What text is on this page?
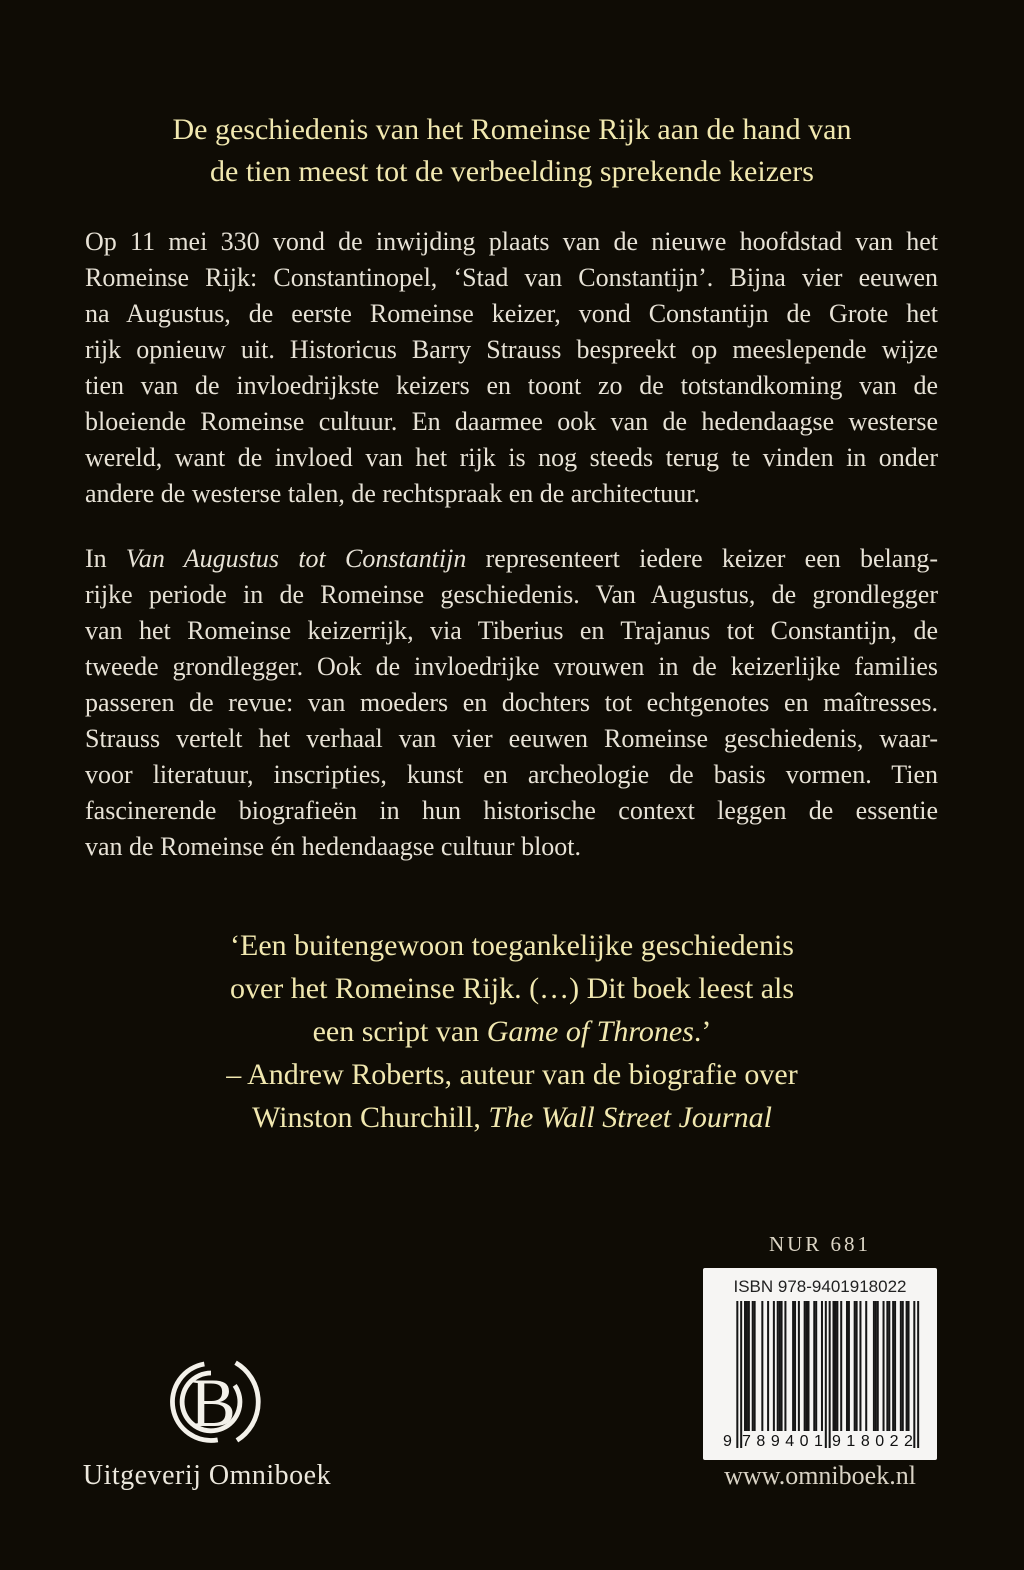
De geschiedenis van het Romeinse Rijk aan de hand van
de tien meest tot de verbeelding sprekende keizers
Op 11 mei 330 vond de inwijding plaats van de nieuwe hoofdstad van het
Romeinse Rijk: Constantinopel, ‘Stad van Constantijn’. Bijna vier eeuwen
na Augustus, de eerste Romeinse keizer, vond Constantijn de Grote het
rijk opnieuw uit. Historicus Barry Strauss bespreekt op meeslepende wijze
tien van de invloedrijkste keizers en toont zo de totstandkoming van de
bloeiende Romeinse cultuur. En daarmee ook van de hedendaagse westerse
wereld, want de invloed van het rijk is nog steeds terug te vinden in onder
andere de westerse talen, de rechtspraak en de architectuur.
In Van Augustus tot Constantijn representeert iedere keizer een belang-
rijke periode in de Romeinse geschiedenis. Van Augustus, de grondlegger
van het Romeinse keizerrijk, via Tiberius en Trajanus tot Constantijn, de
tweede grondlegger. Ook de invloedrijke vrouwen in de keizerlijke families
passeren de revue: van moeders en dochters tot echtgenotes en maîtresses.
Strauss vertelt het verhaal van vier eeuwen Romeinse geschiedenis, waar-
voor literatuur, inscripties, kunst en archeologie de basis vormen. Tien
fascinerende biografieën in hun historische context leggen de essentie
van de Romeinse én hedendaagse cultuur bloot.
‘Een buitengewoon toegankelijke geschiedenis
over het Romeinse Rijk. (…) Dit boek leest als
een script van Game of Thrones.’
– Andrew Roberts, auteur van de biografie over
Winston Churchill, The Wall Street Journal
NUR 681
ISBN 978-9401918022
9 7 8 9 4 0 1 9 1 8 0 2 2
www.omniboek.nl
B
Uitgeverij Omniboek
